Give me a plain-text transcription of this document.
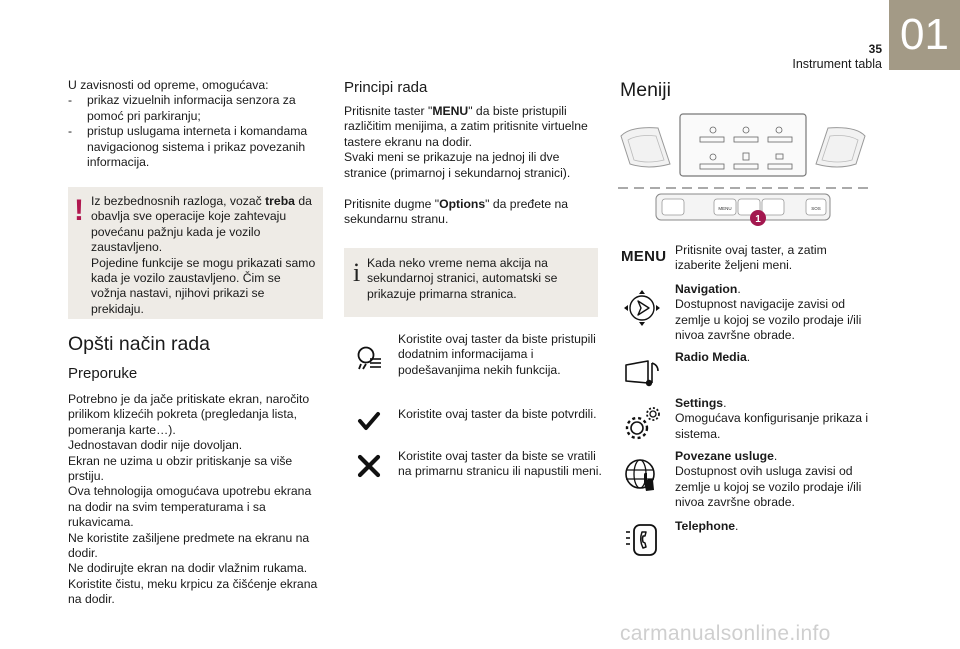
01
35
Instrument tabla
U zavisnosti od opreme, omogućava:
- prikaz vizuelnih informacija senzora za pomoć pri parkiranju;
- pristup uslugama interneta i komandama navigacionog sistema i prikaz povezanih informacija.
! Iz bezbednosnih razloga, vozač treba da obavlja sve operacije koje zahtevaju povećanu pažnju kada je vozilo zaustavljeno.

Pojedine funkcije se mogu prikazati samo kada je vozilo zaustavljeno. Čim se vožnja nastavi, njihovi prikazi se prekidaju.

Opšti način rada
Preporuke

Potrebno je da jače pritiskate ekran, naročito prilikom klizećih pokreta (pregledanja lista, pomeranja karte…).

Jednostavan dodir nije dovoljan.

Ekran ne uzima u obzir pritiskanje sa više prstiju.

Ova tehnologija omogućava upotrebu ekrana na dodir na svim temperaturama i sa rukavicama.

Ne koristite zašiljene predmete na ekranu na dodir.

Ne dodirujte ekran na dodir vlažnim rukama.

Koristite čistu, meku krpicu za čišćenje ekrana na dodir.

Principi rada

Pritisnite taster "MENU" da biste pristupili različitim menijima, a zatim pritisnite virtuelne tastere ekranu na dodir.

Svaki meni se prikazuje na jednoj ili dve stranice (primarnoj i sekundarnoj stranici).

Pritisnite dugme "Options" da pređete na sekundarnu stranu.

i Kada neko vreme nema akcija na sekundarnoj stranici, automatski se prikazuje primarna stranica.
Koristite ovaj taster da biste pristupili dodatnim informacijama i podešavanjima nekih funkcija.
Koristite ovaj taster da biste potvrdili.
Koristite ovaj taster da biste se vratili na primarnu stranicu ili napustili meni.
Meniji
MENU	SOS
1
MENU Pritisnite ovaj taster, a zatim izaberite željeni meni.

Navigation.

Dostupnost navigacije zavisi od zemlje u kojoj se vozilo prodaje i/ili nivoa završne obrade.

Radio Media.

Settings.

Omogućava konfigurisanje prikaza i sistema.

Povezane usluge.

Dostupnost ovih usluga zavisi od zemlje u kojoj se vozilo prodaje i/ili nivoa završne obrade.

Telephone.

carmanualsonline.info
